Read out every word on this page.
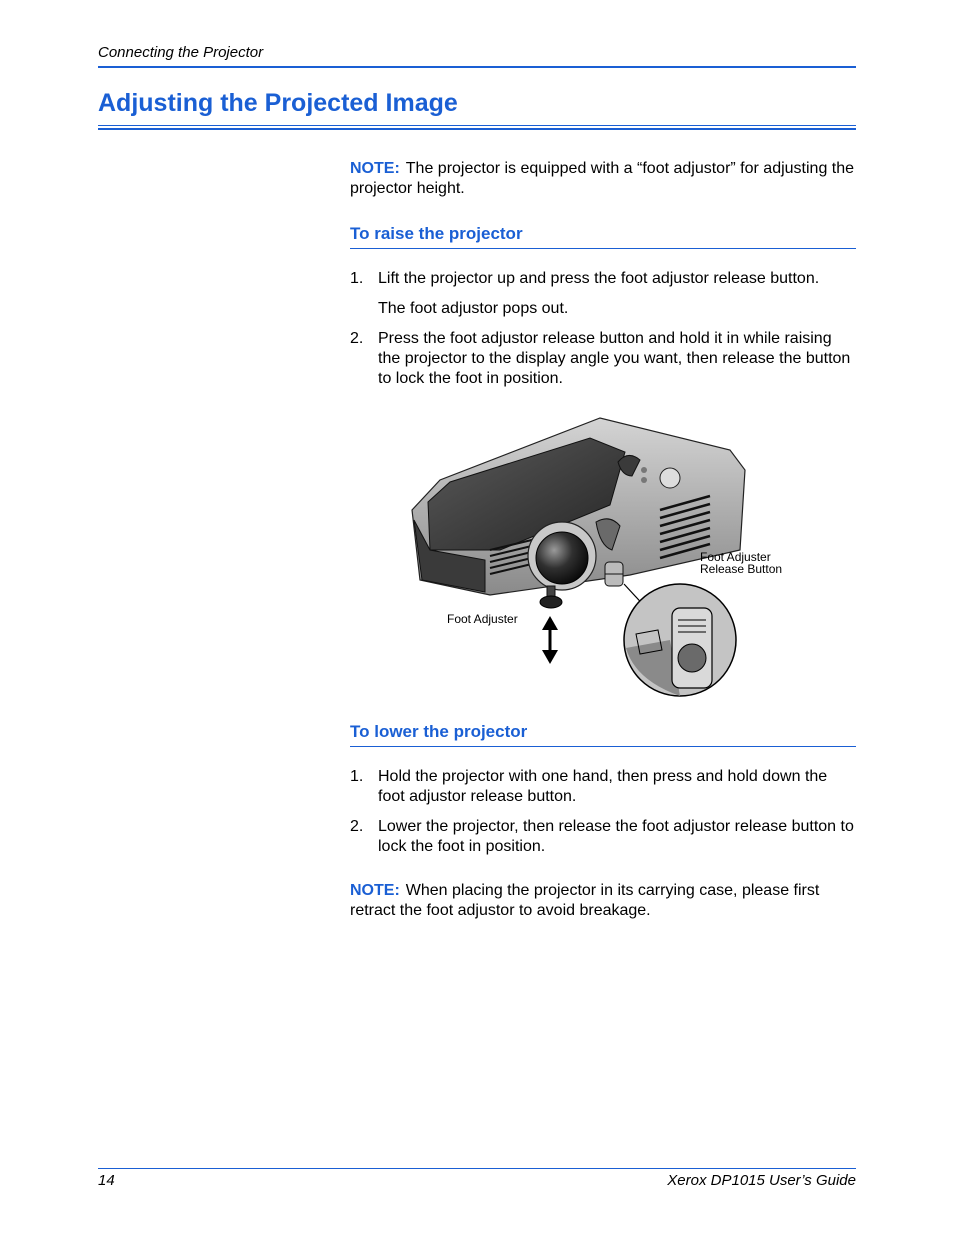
Connecting the Projector
Adjusting the Projected Image

NOTE: The projector is equipped with a “foot adjustor” for adjusting the projector height.

To raise the projector
1. Lift the projector up and press the foot adjustor release button.
The foot adjustor pops out.
2. Press the foot adjustor release button and hold it in while raising the projector to the display angle you want, then release the button to lock the foot in position.
Foot Adjuster
Release Button
Foot Adjuster
To lower the projector
1. Hold the projector with one hand, then press and hold down the foot adjustor release button.
2. Lower the projector, then release the foot adjustor release button to lock the foot in position.

NOTE: When placing the projector in its carrying case, please first retract the foot adjustor to avoid breakage.

14	Xerox DP1015 User’s Guide
